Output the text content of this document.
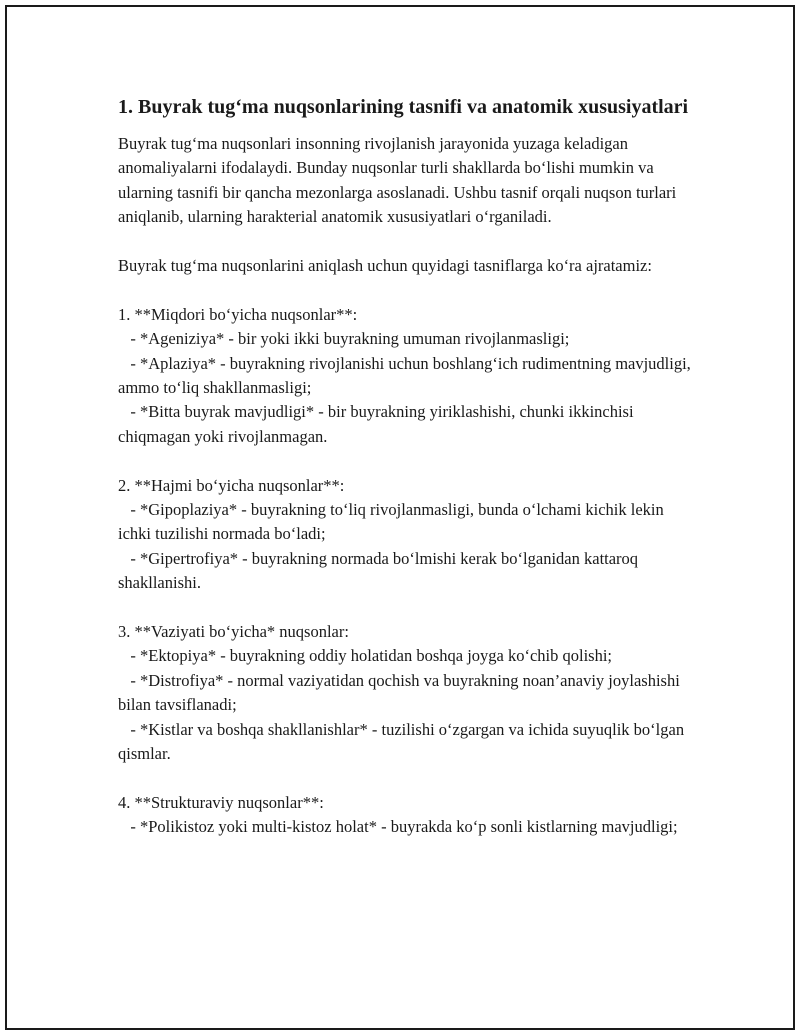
1. Buyrak tug‘ma nuqsonlarining tasnifi va anatomik xususiyatlari

Buyrak tug‘ma nuqsonlari insonning rivojlanish jarayonida yuzaga keladigan anomaliyalarni ifodalaydi. Bunday nuqsonlar turli shakllarda bo‘lishi mumkin va ularning tasnifi bir qancha mezonlarga asoslanadi. Ushbu tasnif orqali nuqson turlari aniqlanib, ularning harakterial anatomik xususiyatlari o‘rganiladi.

Buyrak tug‘ma nuqsonlarini aniqlash uchun quyidagi tasniflarga ko‘ra ajratamiz:

1. **Miqdori bo‘yicha nuqsonlar**:

- *Ageniziya* - bir yoki ikki buyrakning umuman rivojlanmasligi;

- *Aplaziya* - buyrakning rivojlanishi uchun boshlang‘ich rudimentning mavjudligi, ammo to‘liq shakllanmasligi;

- *Bitta buyrak mavjudligi* - bir buyrakning yiriklashishi, chunki ikkinchisi chiqmagan yoki rivojlanmagan.

2. **Hajmi bo‘yicha nuqsonlar**:

- *Gipoplaziya* - buyrakning to‘liq rivojlanmasligi, bunda o‘lchami kichik lekin ichki tuzilishi normada bo‘ladi;

- *Gipertrofiya* - buyrakning normada bo‘lmishi kerak bo‘lganidan kattaroq shakllanishi.

3. **Vaziyati bo‘yicha* nuqsonlar:

- *Ektopiya* - buyrakning oddiy holatidan boshqa joyga ko‘chib qolishi;

- *Distrofiya* - normal vaziyatidan qochish va buyrakning noan’anaviy joylashishi bilan tavsiflanadi;

- *Kistlar va boshqa shakllanishlar* - tuzilishi o‘zgargan va ichida suyuqlik bo‘lgan qismlar.

4. **Strukturaviy nuqsonlar**:

- *Polikistoz yoki multi-kistoz holat* - buyrakda ko‘p sonli kistlarning mavjudligi;
